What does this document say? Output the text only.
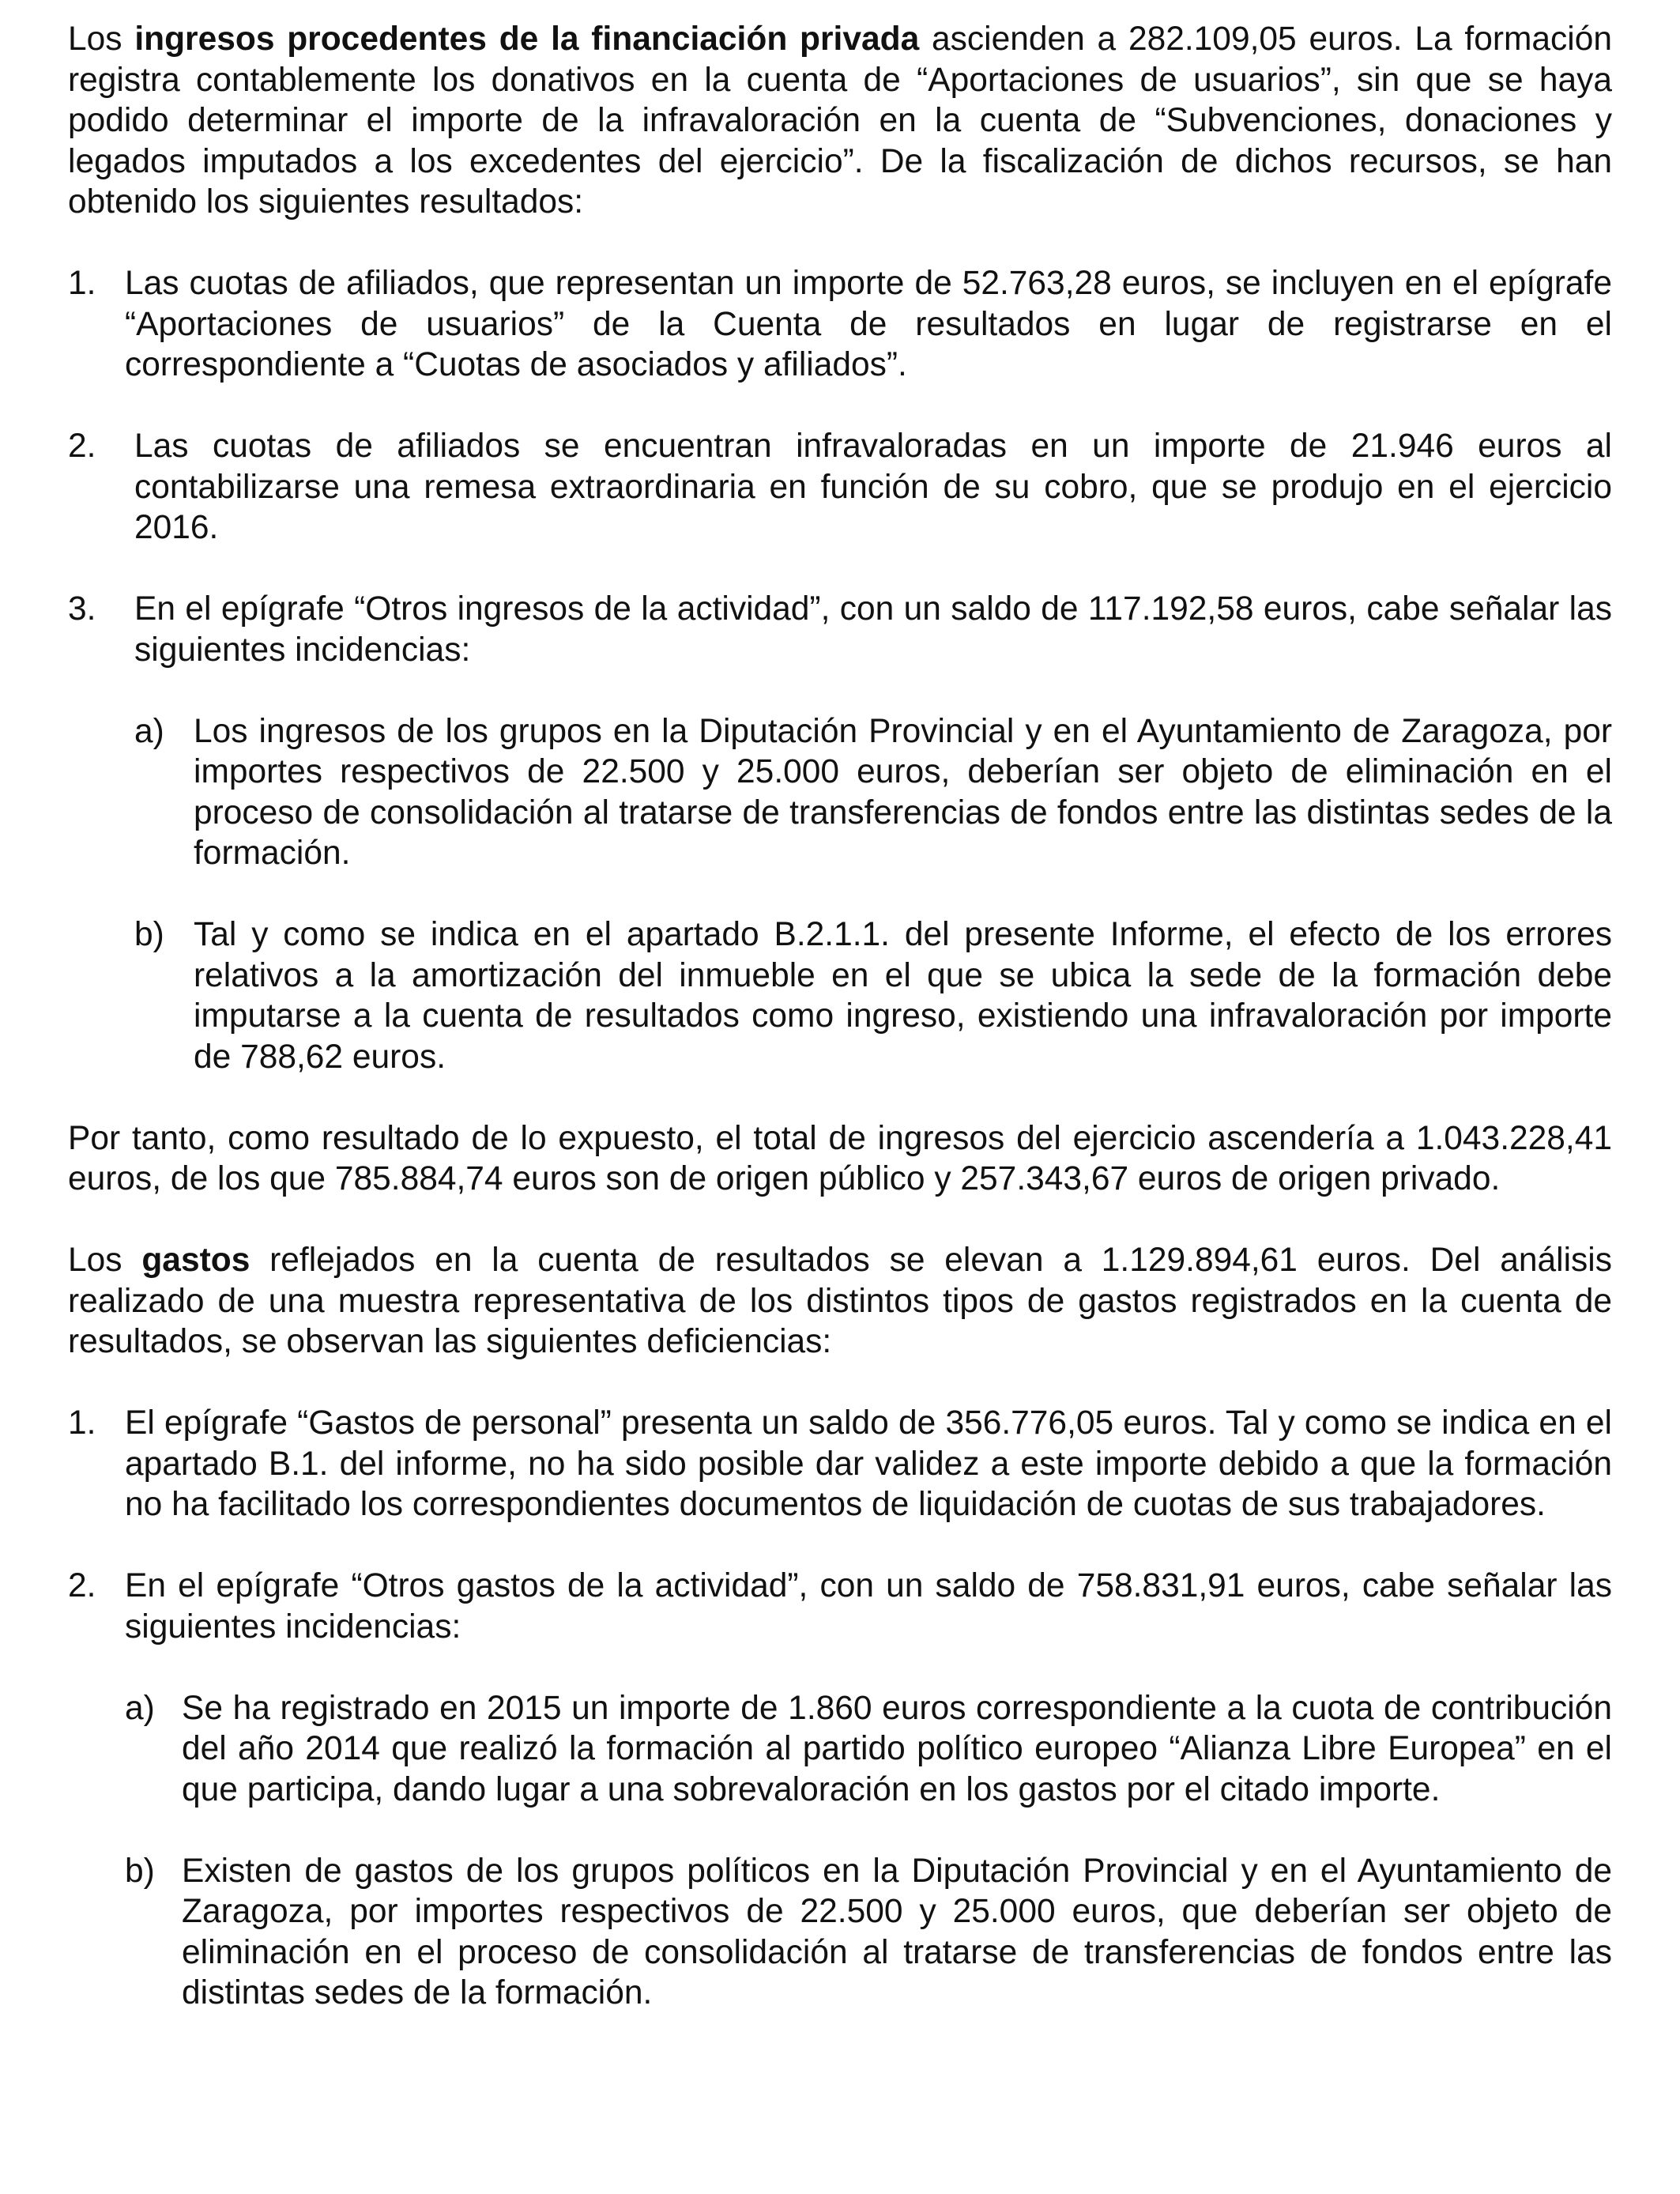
Los ingresos procedentes de la financiación privada ascienden a 282.109,05 euros. La formación registra contablemente los donativos en la cuenta de “Aportaciones de usuarios”, sin que se haya podido determinar el importe de la infravaloración en la cuenta de “Subvenciones, donaciones y legados imputados a los excedentes del ejercicio”. De la fiscalización de dichos recursos, se han obtenido los siguientes resultados:

1. Las cuotas de afiliados, que representan un importe de 52.763,28 euros, se incluyen en el epígrafe “Aportaciones de usuarios” de la Cuenta de resultados en lugar de registrarse en el correspondiente a “Cuotas de asociados y afiliados”.
2.	Las cuotas de afiliados se encuentran infravaloradas en un importe de 21.946 euros al contabilizarse una remesa extraordinaria en función de su cobro, que se produjo en el ejercicio 2016.
3.	En el epígrafe “Otros ingresos de la actividad”, con un saldo de 117.192,58 euros, cabe señalar las siguientes incidencias:
a) Los ingresos de los grupos en la Diputación Provincial y en el Ayuntamiento de Zaragoza, por importes respectivos de 22.500 y 25.000 euros, deberían ser objeto de eliminación en el proceso de consolidación al tratarse de transferencias de fondos entre las distintas sedes de la formación.
b) Tal y como se indica en el apartado B.2.1.1. del presente Informe, el efecto de los errores relativos a la amortización del inmueble en el que se ubica la sede de la formación debe imputarse a la cuenta de resultados como ingreso, existiendo una infravaloración por importe de 788,62 euros.

Por tanto, como resultado de lo expuesto, el total de ingresos del ejercicio ascendería a 1.043.228,41 euros, de los que 785.884,74 euros son de origen público y 257.343,67 euros de origen privado.

Los gastos reflejados en la cuenta de resultados se elevan a 1.129.894,61 euros. Del análisis realizado de una muestra representativa de los distintos tipos de gastos registrados en la cuenta de resultados, se observan las siguientes deficiencias:

1. El epígrafe “Gastos de personal” presenta un saldo de 356.776,05 euros. Tal y como se indica en el apartado B.1. del informe, no ha sido posible dar validez a este importe debido a que la formación no ha facilitado los correspondientes documentos de liquidación de cuotas de sus trabajadores.
2. En el epígrafe “Otros gastos de la actividad”, con un saldo de 758.831,91 euros, cabe señalar las siguientes incidencias:
a) Se ha registrado en 2015 un importe de 1.860 euros correspondiente a la cuota de contribución del año 2014 que realizó la formación al partido político europeo “Alianza Libre Europea” en el que participa, dando lugar a una sobrevaloración en los gastos por el citado importe.
b) Existen de gastos de los grupos políticos en la Diputación Provincial y en el Ayuntamiento de Zaragoza, por importes respectivos de 22.500 y 25.000 euros, que deberían ser objeto de eliminación en el proceso de consolidación al tratarse de transferencias de fondos entre las distintas sedes de la formación.
